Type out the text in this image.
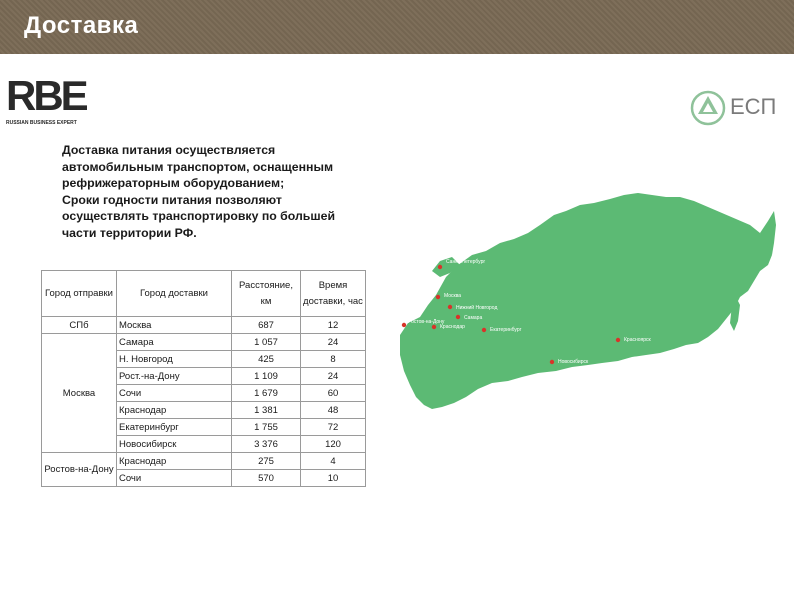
Доставка
RBE
RUSSIAN BUSINESS EXPERT
ЕСП

Доставка питания осуществляется

автомобильным транспортом, оснащенным

рефрижераторным оборудованием;

Сроки годности питания позволяют

осуществлять транспортировку по большей

части территории РФ.

Город отправки	Город доставки	Расстояние, км	Время доставки, час
СПб	Москва	687	12
Москва	Самара	1 057	24
	Н. Новгород	425	8
	Рост.-на-Дону	1 109	24
	Сочи	1 679	60
	Краснодар	1 381	48
	Екатеринбург	1 755	72
	Новосибирск	3 376	120
Ростов-на-Дону	Краснодар	275	4
	Сочи	570	10
Санкт-Петербург
Москва
Нижний Новгород
Самара
Ростов-на-Дону
Краснодар	Екатеринбург
Красноярск
Новосибирск
